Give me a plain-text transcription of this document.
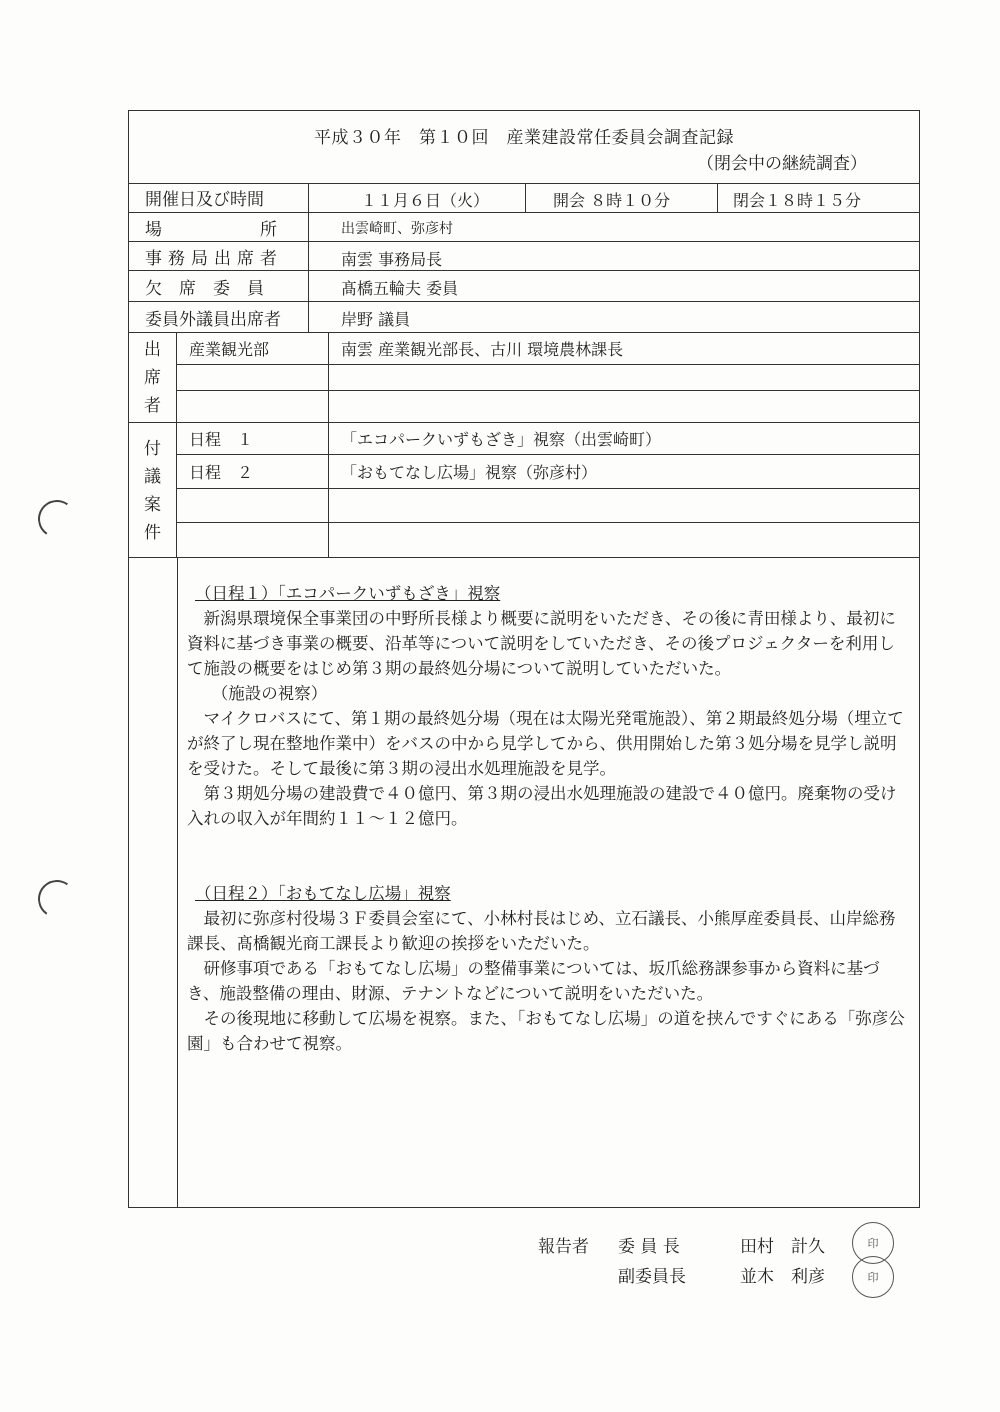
平成３０年　第１０回　産業建設常任委員会調査記録
（閉会中の継続調査）
開催日及び時間	１１月６日（火）	開会 ８時１０分	閉会１８時１５分
場　　　　所	出雲崎町、弥彦村
事務局出席者	南雲 事務局長
欠　席　委　員	髙橋五輪夫 委員
委員外議員出席者	岸野 議員
出
席
者
産業観光部	南雲 産業観光部長、古川 環境農林課長
付
議
案
件
日程　１	「エコパークいずもざき」視察（出雲崎町）
日程　２	「おもてなし広場」視察（弥彦村）
（日程１）「エコパークいずもざき」視察

新潟県環境保全事業団の中野所長様より概要に説明をいただき、その後に青田様より、最初に資料に基づき事業の概要、沿革等について説明をしていただき、その後プロジェクターを利用して施設の概要をはじめ第３期の最終処分場について説明していただいた。

（施設の視察）

マイクロバスにて、第１期の最終処分場（現在は太陽光発電施設）、第２期最終処分場（埋立てが終了し現在整地作業中）をバスの中から見学してから、供用開始した第３処分場を見学し説明を受けた。そして最後に第３期の浸出水処理施設を見学。

第３期処分場の建設費で４０億円、第３期の浸出水処理施設の建設で４０億円。廃棄物の受け入れの収入が年間約１１～１２億円。

（日程２）「おもてなし広場」視察

最初に弥彦村役場３Ｆ委員会室にて、小林村長はじめ、立石議長、小熊厚産委員長、山岸総務課長、髙橋観光商工課長より歓迎の挨拶をいただいた。

研修事項である「おもてなし広場」の整備事業については、坂爪総務課参事から資料に基づき、施設整備の理由、財源、テナントなどについて説明をいただいた。

その後現地に移動して広場を視察。また、「おもてなし広場」の道を挟んですぐにある「弥彦公園」も合わせて視察。

報告者 委 員 長	田村　計久	印
副委員長	並木　利彦	印
